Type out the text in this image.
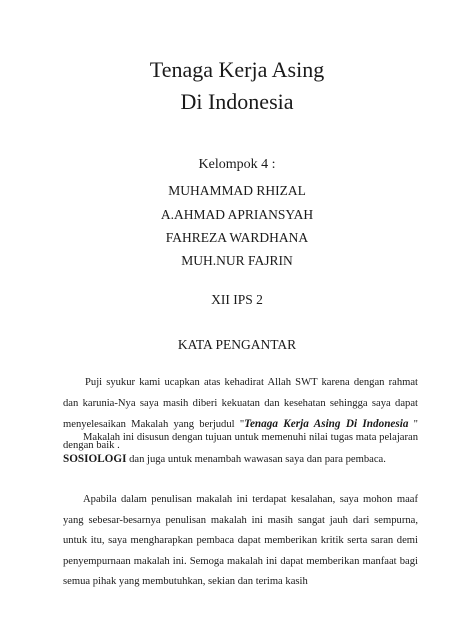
Tenaga Kerja Asing
Di Indonesia
Kelompok 4 :
MUHAMMAD RHIZAL
A.AHMAD APRIANSYAH
FAHREZA WARDHANA
MUH.NUR FAJRIN
XII IPS 2
KATA PENGANTAR
Puji syukur kami ucapkan atas kehadirat Allah SWT karena dengan rahmat dan karunia-Nya saya masih diberi kekuatan dan kesehatan sehingga saya dapat menyelesaikan Makalah yang berjudul "Tenaga Kerja Asing Di Indonesia " dengan baik .
Makalah ini disusun dengan tujuan untuk memenuhi nilai tugas mata pelajaran SOSIOLOGI dan juga untuk menambah wawasan saya dan para pembaca.
Apabila dalam penulisan makalah ini terdapat kesalahan, saya mohon maaf yang sebesar-besarnya penulisan makalah ini masih sangat jauh dari sempurna, untuk itu, saya mengharapkan pembaca dapat memberikan kritik serta saran demi penyempurnaan makalah ini. Semoga makalah ini dapat memberikan manfaat bagi semua pihak yang membutuhkan, sekian dan terima kasih
